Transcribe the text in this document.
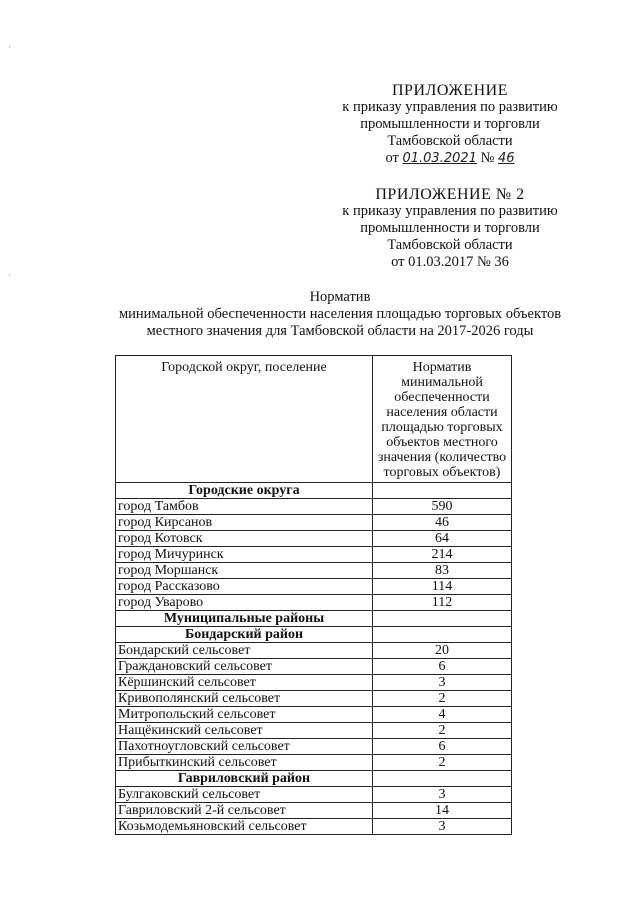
ПРИЛОЖЕНИЕ
к приказу управления по развитию
промышленности и торговли
Тамбовской области
от 01.03.2021 № 46
ПРИЛОЖЕНИЕ № 2
к приказу управления по развитию
промышленности и торговли
Тамбовской области
от 01.03.2017 № 36
Норматив
минимальной обеспеченности населения площадью торговых объектов
местного значения для Тамбовской области на 2017-2026 годы
·
·
Городской округ, поселение	Норматив минимальной обеспеченности населения области площадью торговых объектов местного значения (количество торговых объектов)
Городские округа	
город Тамбов	590
город Кирсанов	46
город Котовск	64
город Мичуринск	214
город Моршанск	83
город Рассказово	114
город Уварово	112
Муниципальные районы	
Бондарский район	
Бондарский сельсовет	20
Граждановский сельсовет	6
Кёршинский сельсовет	3
Кривополянский сельсовет	2
Митропольский сельсовет	4
Нащёкинский сельсовет	2
Пахотноугловский сельсовет	6
Прибыткинский сельсовет	2
Гавриловский район	
Булгаковский сельсовет	3
Гавриловский 2-й сельсовет	14
Козьмодемьяновский сельсовет	3
